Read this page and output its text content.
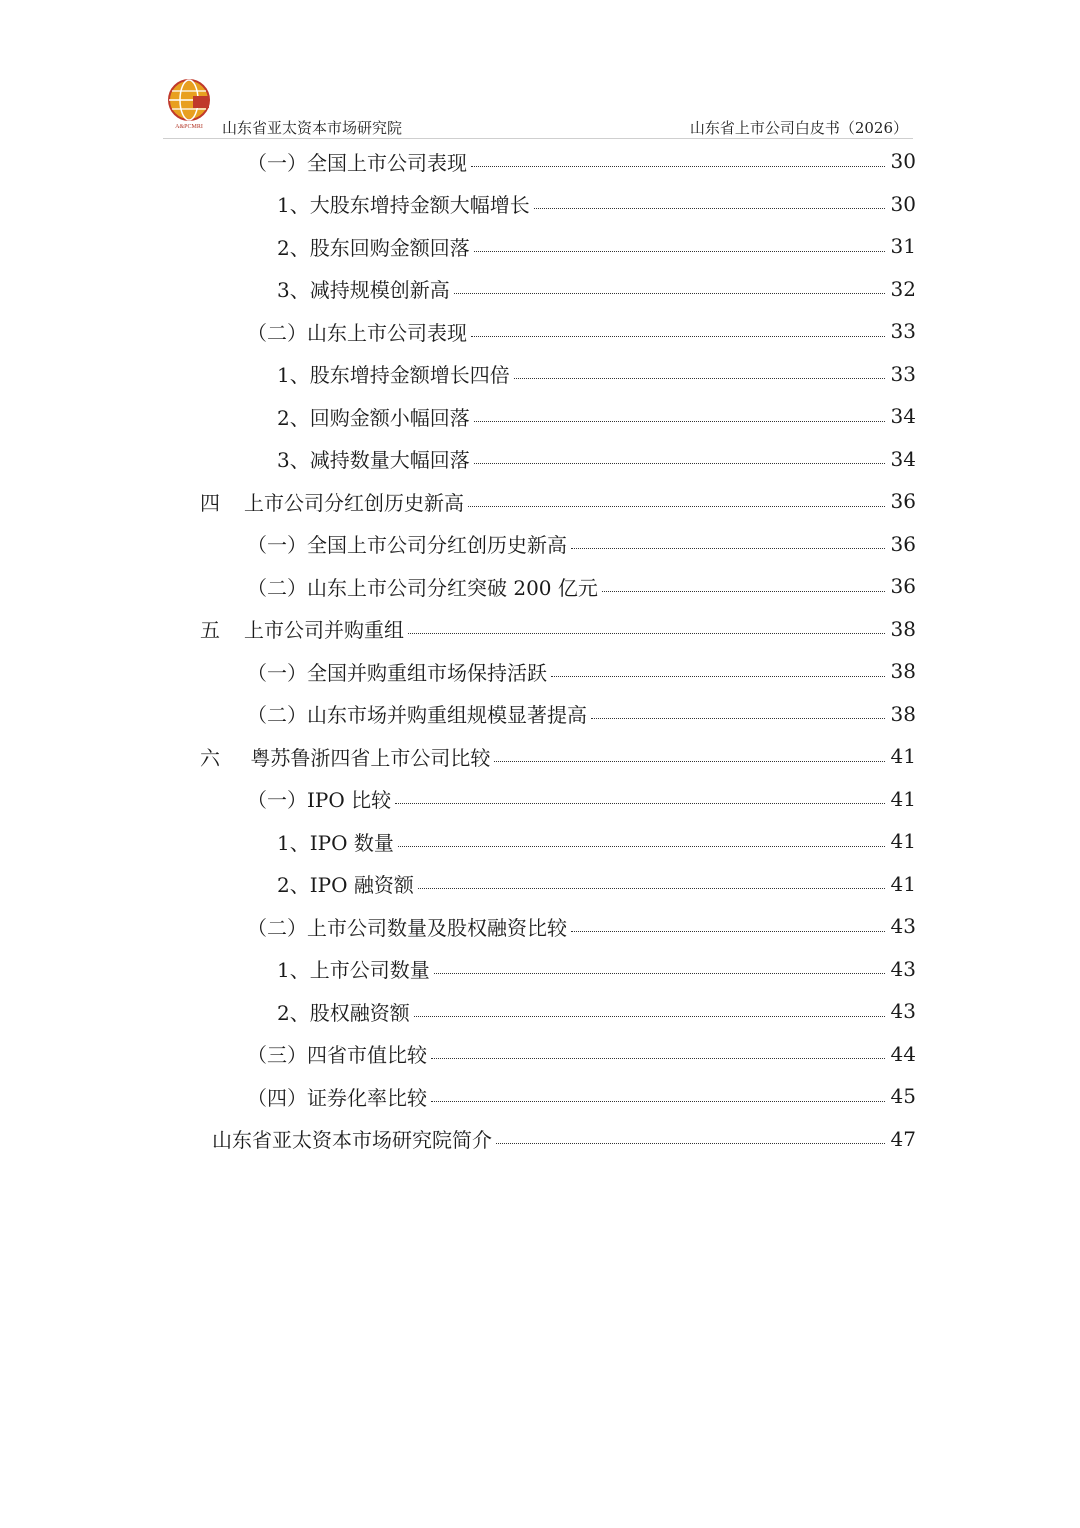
A&PCMRI 山东省亚太资本市场研究院	山东省上市公司白皮书（2026）
（一）全国上市公司表现	30
1、大股东增持金额大幅增长	30
2、股东回购金额回落	31
3、减持规模创新高	32
（二）山东上市公司表现	33
1、股东增持金额增长四倍	33
2、回购金额小幅回落	34
3、减持数量大幅回落	34
四 上市公司分红创历史新高	36
（一）全国上市公司分红创历史新高	36
（二）山东上市公司分红突破 200 亿元	36
五 上市公司并购重组	38
（一）全国并购重组市场保持活跃	38
（二）山东市场并购重组规模显著提高	38
六 粤苏鲁浙四省上市公司比较	41
（一）IPO 比较	41
1、IPO 数量	41
2、IPO 融资额	41
（二）上市公司数量及股权融资比较	43
1、上市公司数量	43
2、股权融资额	43
（三）四省市值比较	44
（四）证券化率比较	45
山东省亚太资本市场研究院简介	47
